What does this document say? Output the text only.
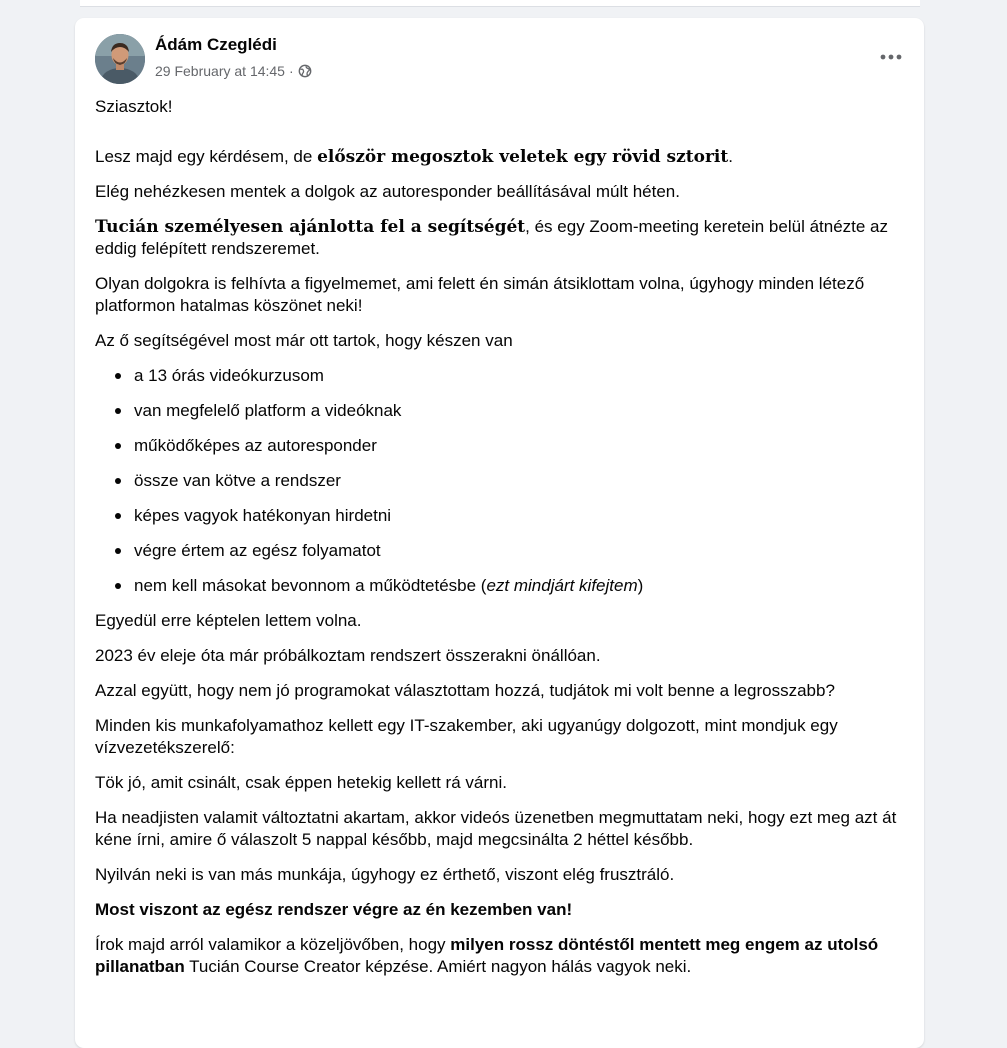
Ádám Czeglédi
29 February at 14:45 ·

Sziasztok!

Lesz majd egy kérdésem, de először megosztok veletek egy rövid sztorit.

Elég nehézkesen mentek a dolgok az autoresponder beállításával múlt héten.

Tucián személyesen ajánlotta fel a segítségét, és egy Zoom-meeting keretein belül átnézte az eddig felépített rendszeremet.

Olyan dolgokra is felhívta a figyelmemet, ami felett én simán átsiklottam volna, úgyhogy minden létező platformon hatalmas köszönet neki!

Az ő segítségével most már ott tartok, hogy készen van

a 13 órás videókurzusom
van megfelelő platform a videóknak
működőképes az autoresponder
össze van kötve a rendszer
képes vagyok hatékonyan hirdetni
végre értem az egész folyamatot
nem kell másokat bevonnom a működtetésbe (ezt mindjárt kifejtem)

Egyedül erre képtelen lettem volna.

2023 év eleje óta már próbálkoztam rendszert összerakni önállóan.

Azzal együtt, hogy nem jó programokat választottam hozzá, tudjátok mi volt benne a legrosszabb?

Minden kis munkafolyamathoz kellett egy IT-szakember, aki ugyanúgy dolgozott, mint mondjuk egy vízvezetékszerelő:

Tök jó, amit csinált, csak éppen hetekig kellett rá várni.

Ha neadjisten valamit változtatni akartam, akkor videós üzenetben megmuttatam neki, hogy ezt meg azt át kéne írni, amire ő válaszolt 5 nappal később, majd megcsinálta 2 héttel később.

Nyilván neki is van más munkája, úgyhogy ez érthető, viszont elég frusztráló.

Most viszont az egész rendszer végre az én kezemben van!

Írok majd arról valamikor a közeljövőben, hogy milyen rossz döntéstől mentett meg engem az utolsó pillanatban Tucián Course Creator képzése. Amiért nagyon hálás vagyok neki.
